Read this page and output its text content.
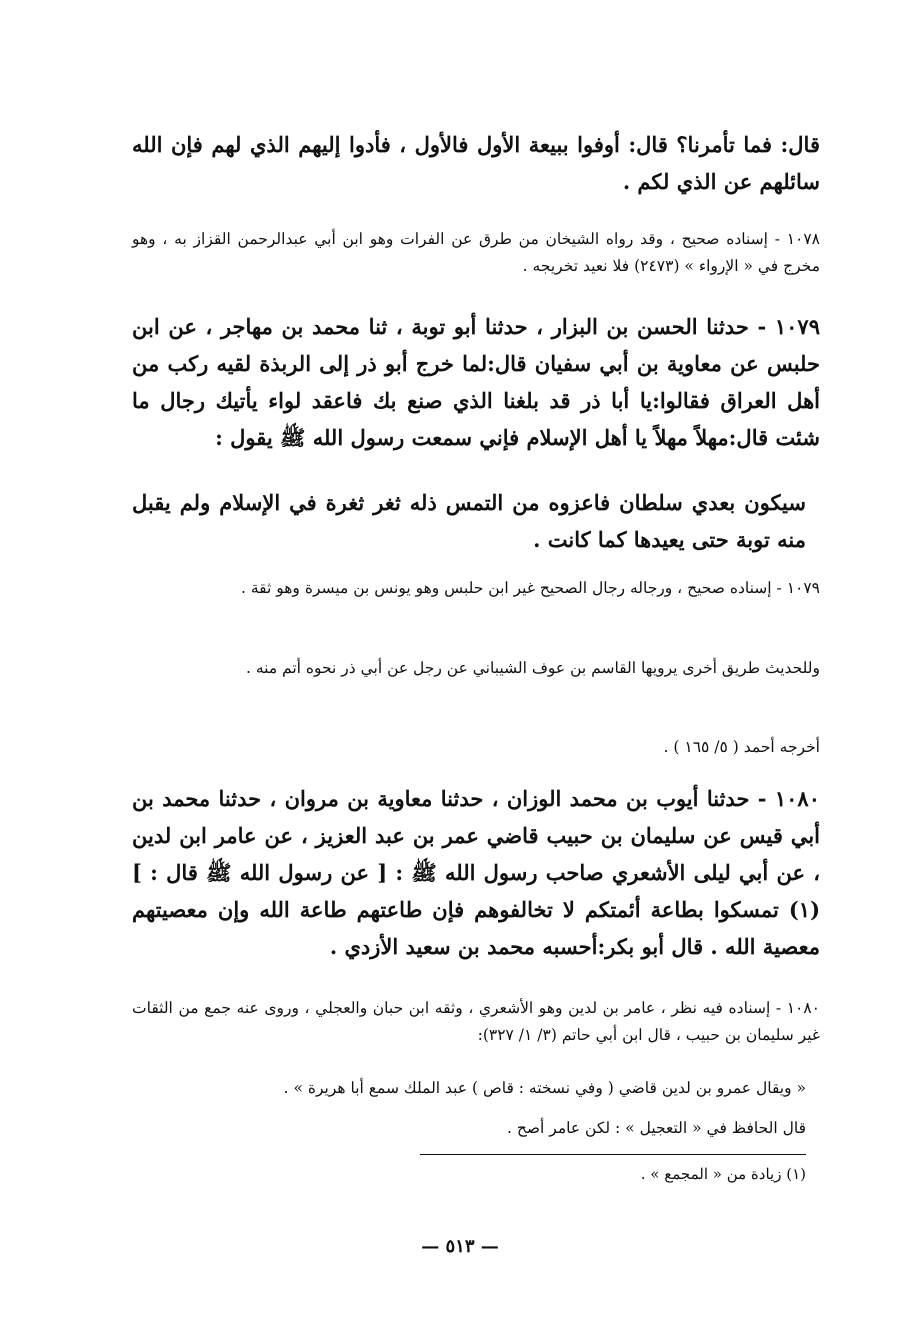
قال: فما تأمرنا؟ قال: أوفوا ببيعة الأول فالأول ، فأدوا إليهم الذي لهم فإن الله سائلهم عن الذي لكم .

١٠٧٨ - إسناده صحيح ، وقد رواه الشيخان من طرق عن الفرات وهو ابن أبي عبدالرحمن القزاز به ، وهو مخرج في « الإرواء » (٢٤٧٣) فلا نعيد تخريجه .

١٠٧٩ - حدثنا الحسن بن البزار ، حدثنا أبو توبة ، ثنا محمد بن مهاجر ، عن ابن حلبس عن معاوية بن أبي سفيان قال:لما خرج أبو ذر إلى الربذة لقيه ركب من أهل العراق فقالوا:يا أبا ذر قد بلغنا الذي صنع بك فاعقد لواء يأتيك رجال ما شئت قال:مهلاً مهلاً يا أهل الإسلام فإني سمعت رسول الله ﷺ يقول :

سيكون بعدي سلطان فاعزوه من التمس ذله ثغر ثغرة في الإسلام ولم يقبل منه توبة حتى يعيدها كما كانت .

١٠٧٩ - إسناده صحيح ، ورجاله رجال الصحيح غير ابن حلبس وهو يونس بن ميسرة وهو ثقة .

وللحديث طريق أخرى يرويها القاسم بن عوف الشيباني عن رجل عن أبي ذر نحوه أتم منه .

أخرجه أحمد ( ٥/ ١٦٥ ) .

١٠٨٠ - حدثنا أيوب بن محمد الوزان ، حدثنا معاوية بن مروان ، حدثنا محمد بن أبي قيس عن سليمان بن حبيب قاضي عمر بن عبد العزيز ، عن عامر ابن لدين ، عن أبي ليلى الأشعري صاحب رسول الله ﷺ : [ عن رسول الله ﷺ قال : ] (١) تمسكوا بطاعة أئمتكم لا تخالفوهم فإن طاعتهم طاعة الله وإن معصيتهم معصية الله . قال أبو بكر:أحسبه محمد بن سعيد الأزدي .

١٠٨٠ - إسناده فيه نظر ، عامر بن لدين وهو الأشعري ، وثقه ابن حبان والعجلي ، وروى عنه جمع من الثقات غير سليمان بن حبيب ، قال ابن أبي حاتم (٣/ ١/ ٣٢٧):

« ويقال عمرو بن لدين قاضي ( وفي نسخته : قاص ) عبد الملك سمع أبا هريرة » .

قال الحافظ في « التعجيل » : لكن عامر أصح .

(١) زيادة من « المجمع » .

— ٥١٣ —
